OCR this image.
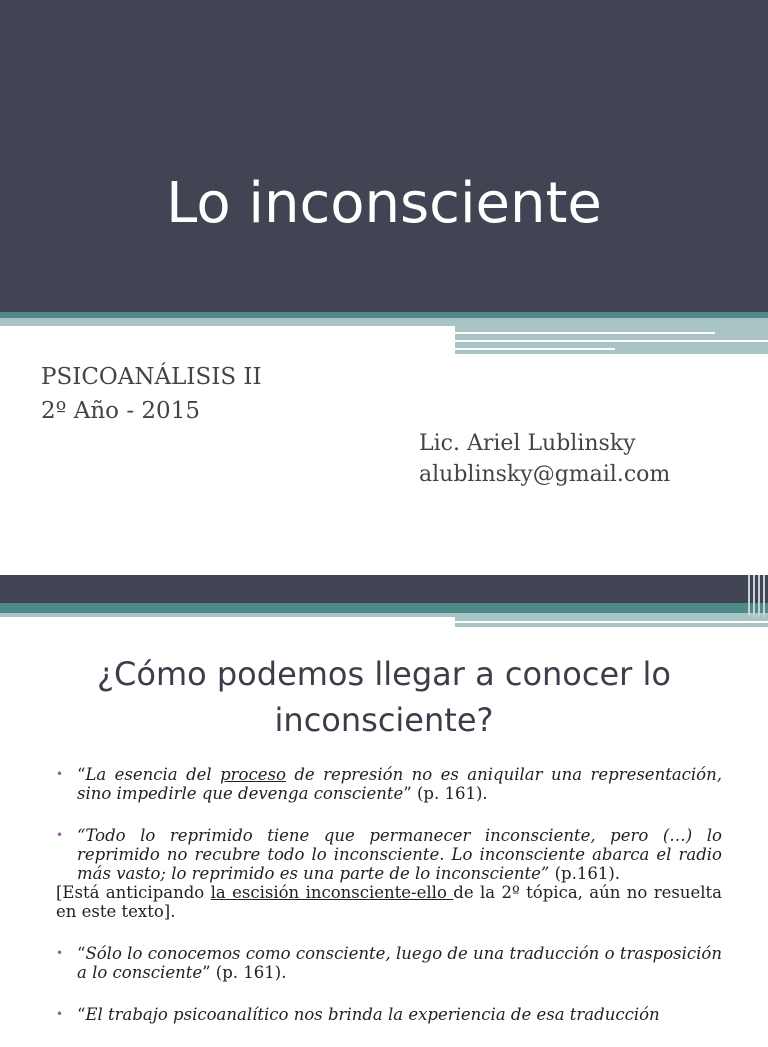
Lo inconsciente
PSICOANÁLISIS II
2º Año - 2015
Lic. Ariel Lublinsky
alublinsky@gmail.com
¿Cómo podemos llegar a conocer lo
inconsciente?
• “La esencia del proceso de represión no es aniquilar una representación, sino impedirle que devenga consciente” (p. 161).
• “Todo lo reprimido tiene que permanecer inconsciente, pero (…) lo reprimido no recubre todo lo inconsciente. Lo inconsciente abarca el radio más vasto; lo reprimido es una parte de lo inconsciente” (p.161).
[Está anticipando la escisión inconsciente-ello de la 2º tópica, aún no resuelta en este texto].
• “Sólo lo conocemos como consciente, luego de una traducción o trasposición a lo consciente” (p. 161).
• “El trabajo psicoanalítico nos brinda la experiencia de esa traducción
